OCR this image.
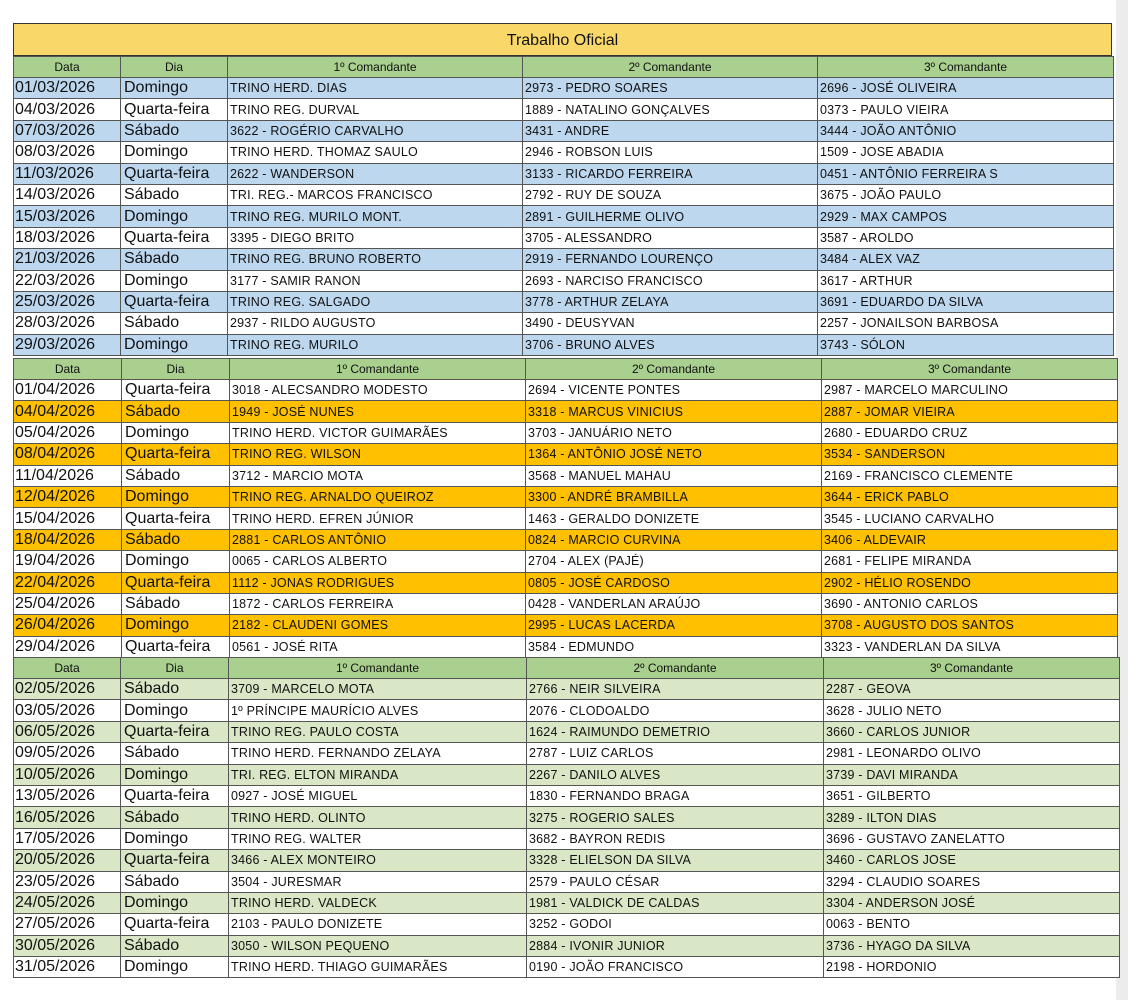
Trabalho Oficial
Data	Dia	1º Comandante	2º Comandante	3º Comandante
01/03/2026	Domingo	TRINO HERD. DIAS	2973 - PEDRO SOARES	2696 - JOSÉ OLIVEIRA
04/03/2026	Quarta-feira	TRINO REG. DURVAL	1889 - NATALINO GONÇALVES	0373 - PAULO VIEIRA
07/03/2026	Sábado	3622 - ROGÉRIO CARVALHO	3431 - ANDRE	3444 - JOÃO ANTÔNIO
08/03/2026	Domingo	TRINO HERD. THOMAZ SAULO	2946 - ROBSON LUIS	1509 - JOSE ABADIA
11/03/2026	Quarta-feira	2622 - WANDERSON	3133 - RICARDO FERREIRA	0451 - ANTÔNIO FERREIRA S
14/03/2026	Sábado	TRI. REG.- MARCOS FRANCISCO	2792 - RUY DE SOUZA	3675 - JOÃO PAULO
15/03/2026	Domingo	TRINO REG. MURILO MONT.	2891 - GUILHERME OLIVO	2929 - MAX CAMPOS
18/03/2026	Quarta-feira	3395 - DIEGO BRITO	3705 - ALESSANDRO	3587 - AROLDO
21/03/2026	Sábado	TRINO REG. BRUNO ROBERTO	2919 - FERNANDO LOURENÇO	3484 - ALEX VAZ
22/03/2026	Domingo	3177 - SAMIR RANON	2693 - NARCISO FRANCISCO	3617 - ARTHUR
25/03/2026	Quarta-feira	TRINO REG. SALGADO	3778 - ARTHUR ZELAYA	3691 - EDUARDO DA SILVA
28/03/2026	Sábado	2937 - RILDO AUGUSTO	3490 - DEUSYVAN	2257 - JONAILSON BARBOSA
29/03/2026	Domingo	TRINO REG. MURILO	3706 - BRUNO ALVES	3743 - SÓLON
Data	Dia	1º Comandante	2º Comandante	3º Comandante
01/04/2026	Quarta-feira	3018 - ALECSANDRO MODESTO	2694 - VICENTE PONTES	2987 - MARCELO MARCULINO
04/04/2026	Sábado	1949 - JOSÉ NUNES	3318 - MARCUS VINICIUS	2887 - JOMAR VIEIRA
05/04/2026	Domingo	TRINO HERD. VICTOR GUIMARÃES	3703 - JANUÁRIO NETO	2680 - EDUARDO CRUZ
08/04/2026	Quarta-feira	TRINO REG. WILSON	1364 - ANTÔNIO JOSÉ NETO	3534 - SANDERSON
11/04/2026	Sábado	3712 - MARCIO MOTA	3568 - MANUEL MAHAU	2169 - FRANCISCO CLEMENTE
12/04/2026	Domingo	TRINO REG. ARNALDO QUEIROZ	3300 - ANDRÉ BRAMBILLA	3644 - ERICK PABLO
15/04/2026	Quarta-feira	TRINO HERD. EFREN JÚNIOR	1463 - GERALDO DONIZETE	3545 - LUCIANO CARVALHO
18/04/2026	Sábado	2881 - CARLOS ANTÔNIO	0824 - MARCIO CURVINA	3406 - ALDEVAIR
19/04/2026	Domingo	0065 - CARLOS ALBERTO	2704 - ALEX (PAJÉ)	2681 - FELIPE MIRANDA
22/04/2026	Quarta-feira	1112 - JONAS RODRIGUES	0805 - JOSÉ CARDOSO	2902 - HÉLIO ROSENDO
25/04/2026	Sábado	1872 - CARLOS FERREIRA	0428 - VANDERLAN ARAÚJO	3690 - ANTONIO CARLOS
26/04/2026	Domingo	2182 - CLAUDENI GOMES	2995 - LUCAS LACERDA	3708 - AUGUSTO DOS SANTOS
29/04/2026	Quarta-feira	0561 - JOSÉ RITA	3584 - EDMUNDO	3323 - VANDERLAN DA SILVA
Data	Dia	1º Comandante	2º Comandante	3º Comandante
02/05/2026	Sábado	3709 - MARCELO MOTA	2766 - NEIR SILVEIRA	2287 - GEOVA
03/05/2026	Domingo	1º PRÍNCIPE MAURÍCIO ALVES	2076 - CLODOALDO	3628 - JULIO NETO
06/05/2026	Quarta-feira	TRINO REG. PAULO COSTA	1624 - RAIMUNDO DEMETRIO	3660 - CARLOS JUNIOR
09/05/2026	Sábado	TRINO HERD. FERNANDO ZELAYA	2787 - LUIZ CARLOS	2981 - LEONARDO OLIVO
10/05/2026	Domingo	TRI. REG. ELTON MIRANDA	2267 - DANILO ALVES	3739 - DAVI MIRANDA
13/05/2026	Quarta-feira	0927 - JOSÉ MIGUEL	1830 - FERNANDO BRAGA	3651 - GILBERTO
16/05/2026	Sábado	TRINO HERD. OLINTO	3275 - ROGERIO SALES	3289 - ILTON DIAS
17/05/2026	Domingo	TRINO REG. WALTER	3682 - BAYRON REDIS	3696 - GUSTAVO ZANELATTO
20/05/2026	Quarta-feira	3466 - ALEX MONTEIRO	3328 - ELIELSON DA SILVA	3460 - CARLOS JOSE
23/05/2026	Sábado	3504 - JURESMAR	2579 - PAULO CÉSAR	3294 - CLAUDIO SOARES
24/05/2026	Domingo	TRINO HERD. VALDECK	1981 - VALDICK DE CALDAS	3304 - ANDERSON JOSÉ
27/05/2026	Quarta-feira	2103 - PAULO DONIZETE	3252 - GODOI	0063 - BENTO
30/05/2026	Sábado	3050 - WILSON PEQUENO	2884 - IVONIR JUNIOR	3736 - HYAGO DA SILVA
31/05/2026	Domingo	TRINO HERD. THIAGO GUIMARÃES	0190 - JOÃO FRANCISCO	2198 - HORDONIO
